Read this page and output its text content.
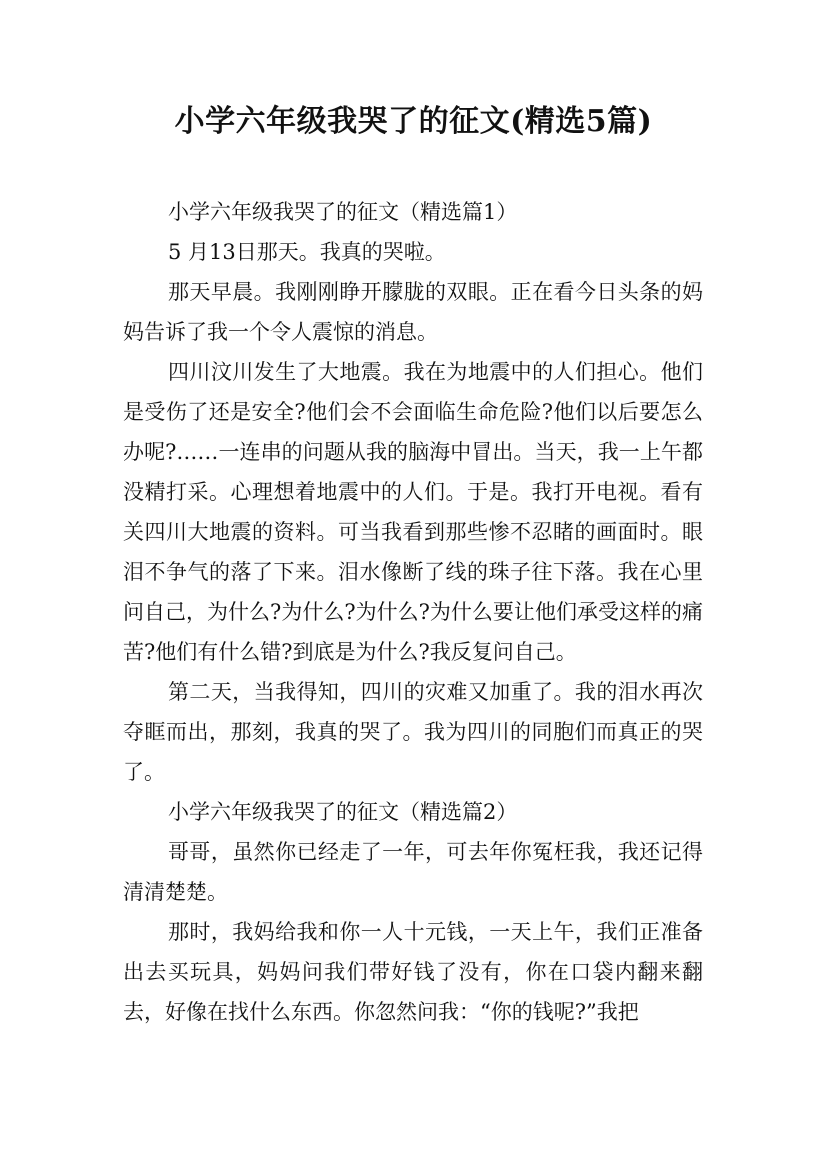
小学六年级我哭了的征文(精选5篇)

小学六年级我哭了的征文（精选篇1）

5 月13日那天。我真的哭啦。

那天早晨。我刚刚睁开朦胧的双眼。正在看今日头条的妈妈告诉了我一个令人震惊的消息。

四川汶川发生了大地震。我在为地震中的人们担心。他们是受伤了还是安全?他们会不会面临生命危险?他们以后要怎么办呢?……一连串的问题从我的脑海中冒出。当天，我一上午都没精打采。心理想着地震中的人们。于是。我打开电视。看有关四川大地震的资料。可当我看到那些惨不忍睹的画面时。眼泪不争气的落了下来。泪水像断了线的珠子往下落。我在心里问自己，为什么?为什么?为什么?为什么要让他们承受这样的痛苦?他们有什么错?到底是为什么?我反复问自己。

第二天，当我得知，四川的灾难又加重了。我的泪水再次夺眶而出，那刻，我真的哭了。我为四川的同胞们而真正的哭了。

小学六年级我哭了的征文（精选篇2）

哥哥，虽然你已经走了一年，可去年你冤枉我，我还记得清清楚楚。

那时，我妈给我和你一人十元钱，一天上午，我们正准备出去买玩具，妈妈问我们带好钱了没有，你在口袋内翻来翻去，好像在找什么东西。你忽然问我：“你的钱呢?”我把
